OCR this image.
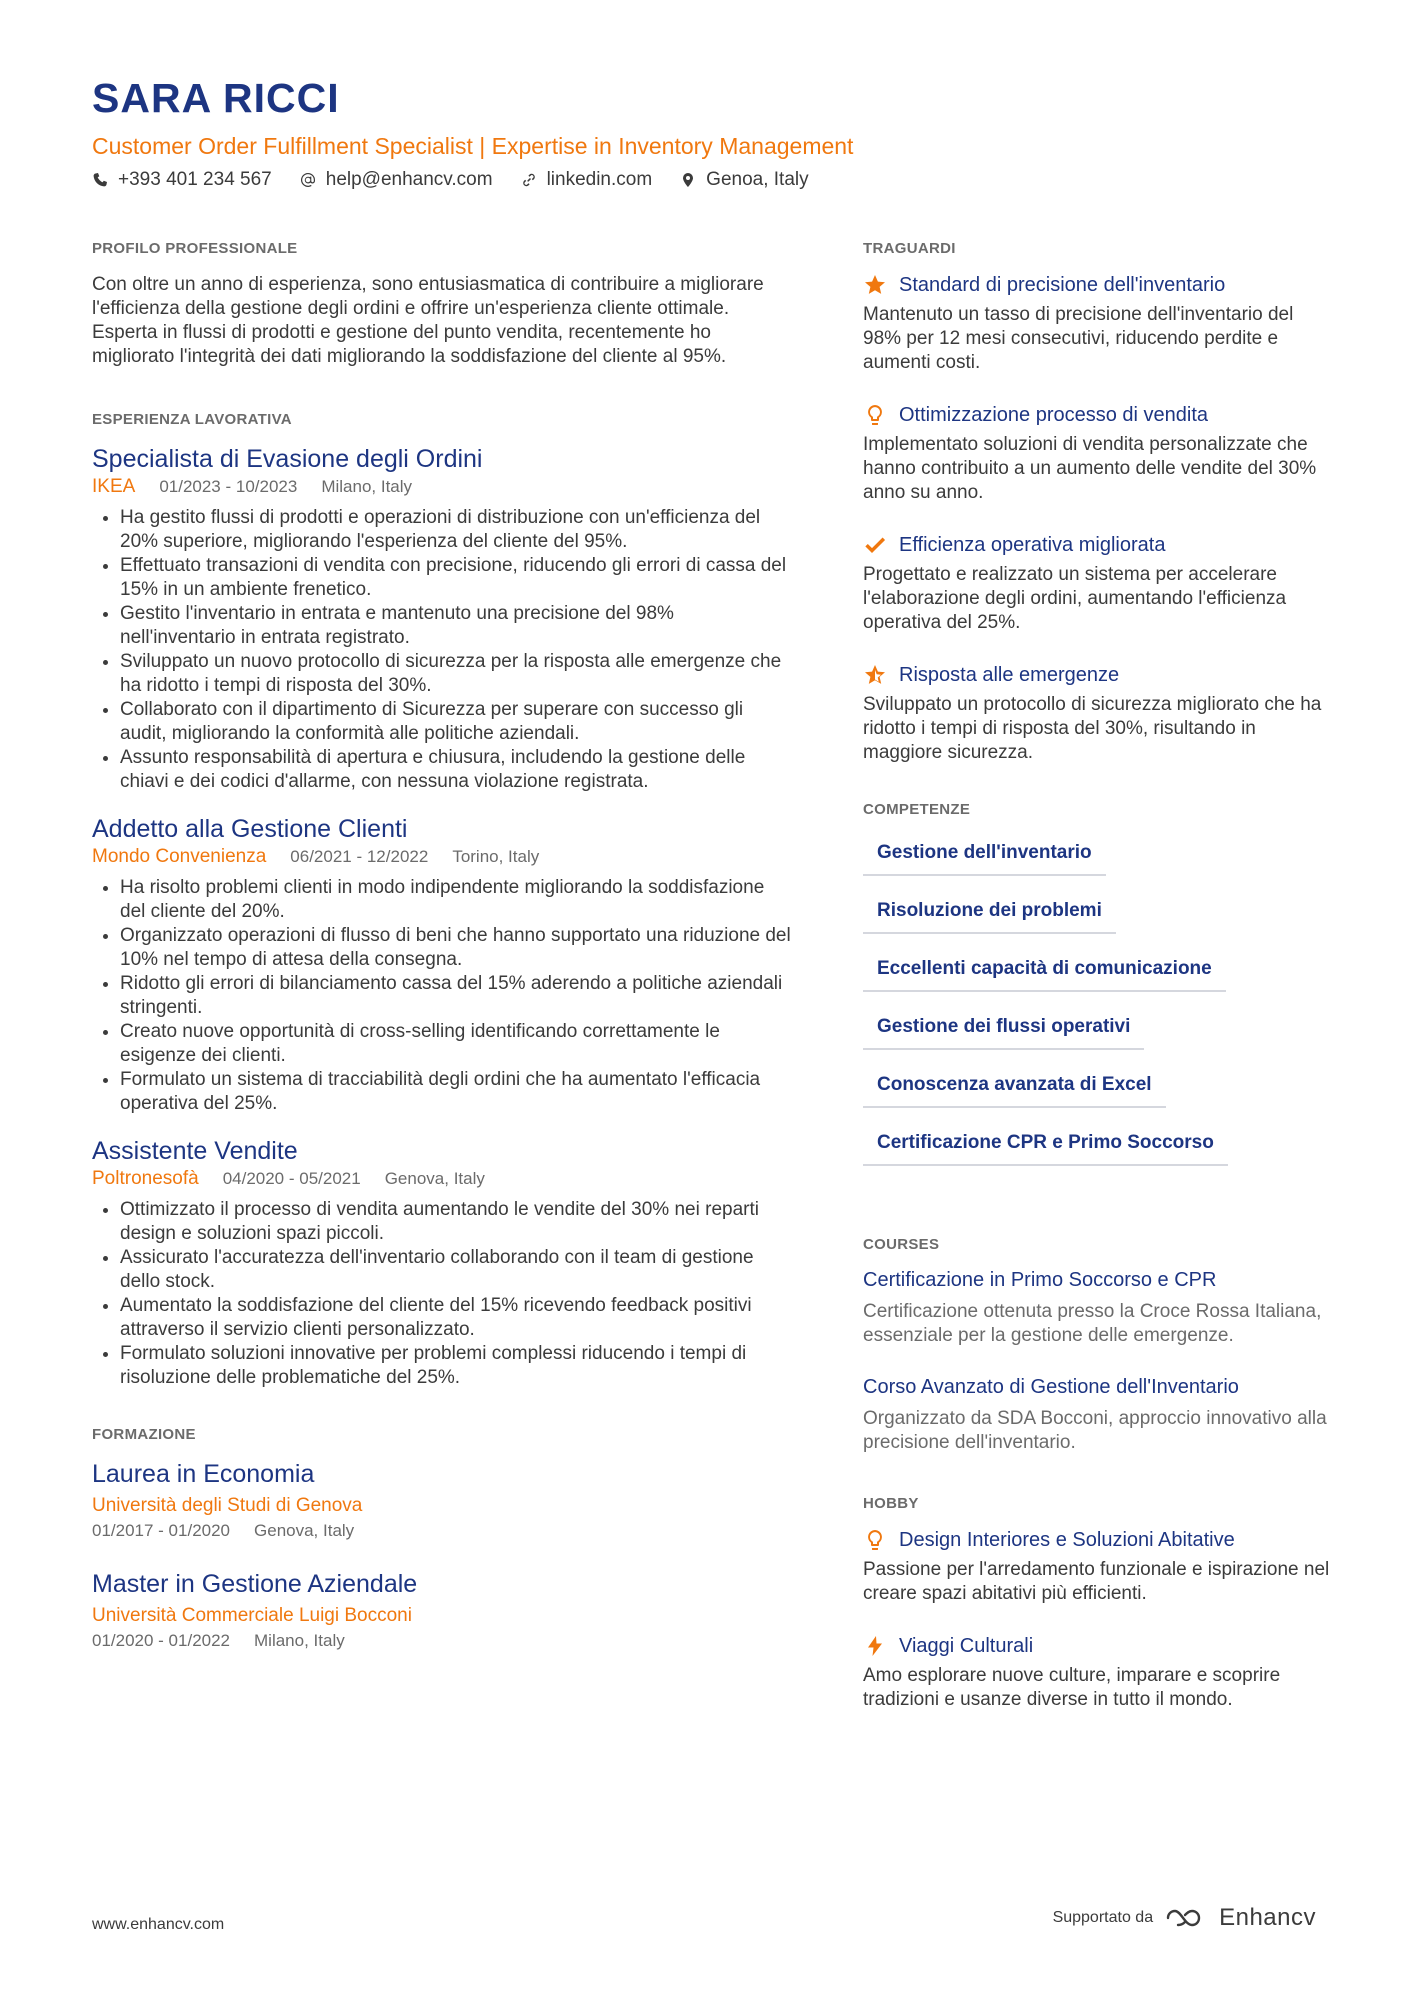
SARA RICCI
Customer Order Fulfillment Specialist | Expertise in Inventory Management
+393 401 234 567	help@enhancv.com	linkedin.com	Genoa, Italy
PROFILO PROFESSIONALE

Con oltre un anno di esperienza, sono entusiasmatica di contribuire a migliorare l'efficienza della gestione degli ordini e offrire un'esperienza cliente ottimale. Esperta in flussi di prodotti e gestione del punto vendita, recentemente ho migliorato l'integrità dei dati migliorando la soddisfazione del cliente al 95%.

ESPERIENZA LAVORATIVA
Specialista di Evasione degli Ordini
IKEA 01/2023 - 10/2023 Milano, Italy
• Ha gestito flussi di prodotti e operazioni di distribuzione con un'efficienza del 20% superiore, migliorando l'esperienza del cliente del 95%.
• Effettuato transazioni di vendita con precisione, riducendo gli errori di cassa del 15% in un ambiente frenetico.
• Gestito l'inventario in entrata e mantenuto una precisione del 98% nell'inventario in entrata registrato.
• Sviluppato un nuovo protocollo di sicurezza per la risposta alle emergenze che ha ridotto i tempi di risposta del 30%.
• Collaborato con il dipartimento di Sicurezza per superare con successo gli audit, migliorando la conformità alle politiche aziendali.
• Assunto responsabilità di apertura e chiusura, includendo la gestione delle chiavi e dei codici d'allarme, con nessuna violazione registrata.
Addetto alla Gestione Clienti
Mondo Convenienza 06/2021 - 12/2022 Torino, Italy
• Ha risolto problemi clienti in modo indipendente migliorando la soddisfazione del cliente del 20%.
• Organizzato operazioni di flusso di beni che hanno supportato una riduzione del 10% nel tempo di attesa della consegna.
• Ridotto gli errori di bilanciamento cassa del 15% aderendo a politiche aziendali stringenti.
• Creato nuove opportunità di cross-selling identificando correttamente le esigenze dei clienti.
• Formulato un sistema di tracciabilità degli ordini che ha aumentato l'efficacia operativa del 25%.
Assistente Vendite
Poltronesofà 04/2020 - 05/2021 Genova, Italy
• Ottimizzato il processo di vendita aumentando le vendite del 30% nei reparti design e soluzioni spazi piccoli.
• Assicurato l'accuratezza dell'inventario collaborando con il team di gestione dello stock.
• Aumentato la soddisfazione del cliente del 15% ricevendo feedback positivi attraverso il servizio clienti personalizzato.
• Formulato soluzioni innovative per problemi complessi riducendo i tempi di risoluzione delle problematiche del 25%.
FORMAZIONE
Laurea in Economia
Università degli Studi di Genova
01/2017 - 01/2020 Genova, Italy
Master in Gestione Aziendale
Università Commerciale Luigi Bocconi
01/2020 - 01/2022 Milano, Italy
TRAGUARDI
Standard di precisione dell'inventario
Mantenuto un tasso di precisione dell'inventario del 98% per 12 mesi consecutivi, riducendo perdite e aumenti costi.
Ottimizzazione processo di vendita
Implementato soluzioni di vendita personalizzate che hanno contribuito a un aumento delle vendite del 30% anno su anno.
Efficienza operativa migliorata
Progettato e realizzato un sistema per accelerare l'elaborazione degli ordini, aumentando l'efficienza operativa del 25%.
Risposta alle emergenze
Sviluppato un protocollo di sicurezza migliorato che ha ridotto i tempi di risposta del 30%, risultando in maggiore sicurezza.
COMPETENZE
Gestione dell'inventario
Risoluzione dei problemi
Eccellenti capacità di comunicazione
Gestione dei flussi operativi
Conoscenza avanzata di Excel
Certificazione CPR e Primo Soccorso
COURSES
Certificazione in Primo Soccorso e CPR
Certificazione ottenuta presso la Croce Rossa Italiana, essenziale per la gestione delle emergenze.
Corso Avanzato di Gestione dell'Inventario
Organizzato da SDA Bocconi, approccio innovativo alla precisione dell'inventario.
HOBBY
Design Interiores e Soluzioni Abitative
Passione per l'arredamento funzionale e ispirazione nel creare spazi abitativi più efficienti.
Viaggi Culturali
Amo esplorare nuove culture, imparare e scoprire tradizioni e usanze diverse in tutto il mondo.
www.enhancv.com	Supportato da	Enhancv
